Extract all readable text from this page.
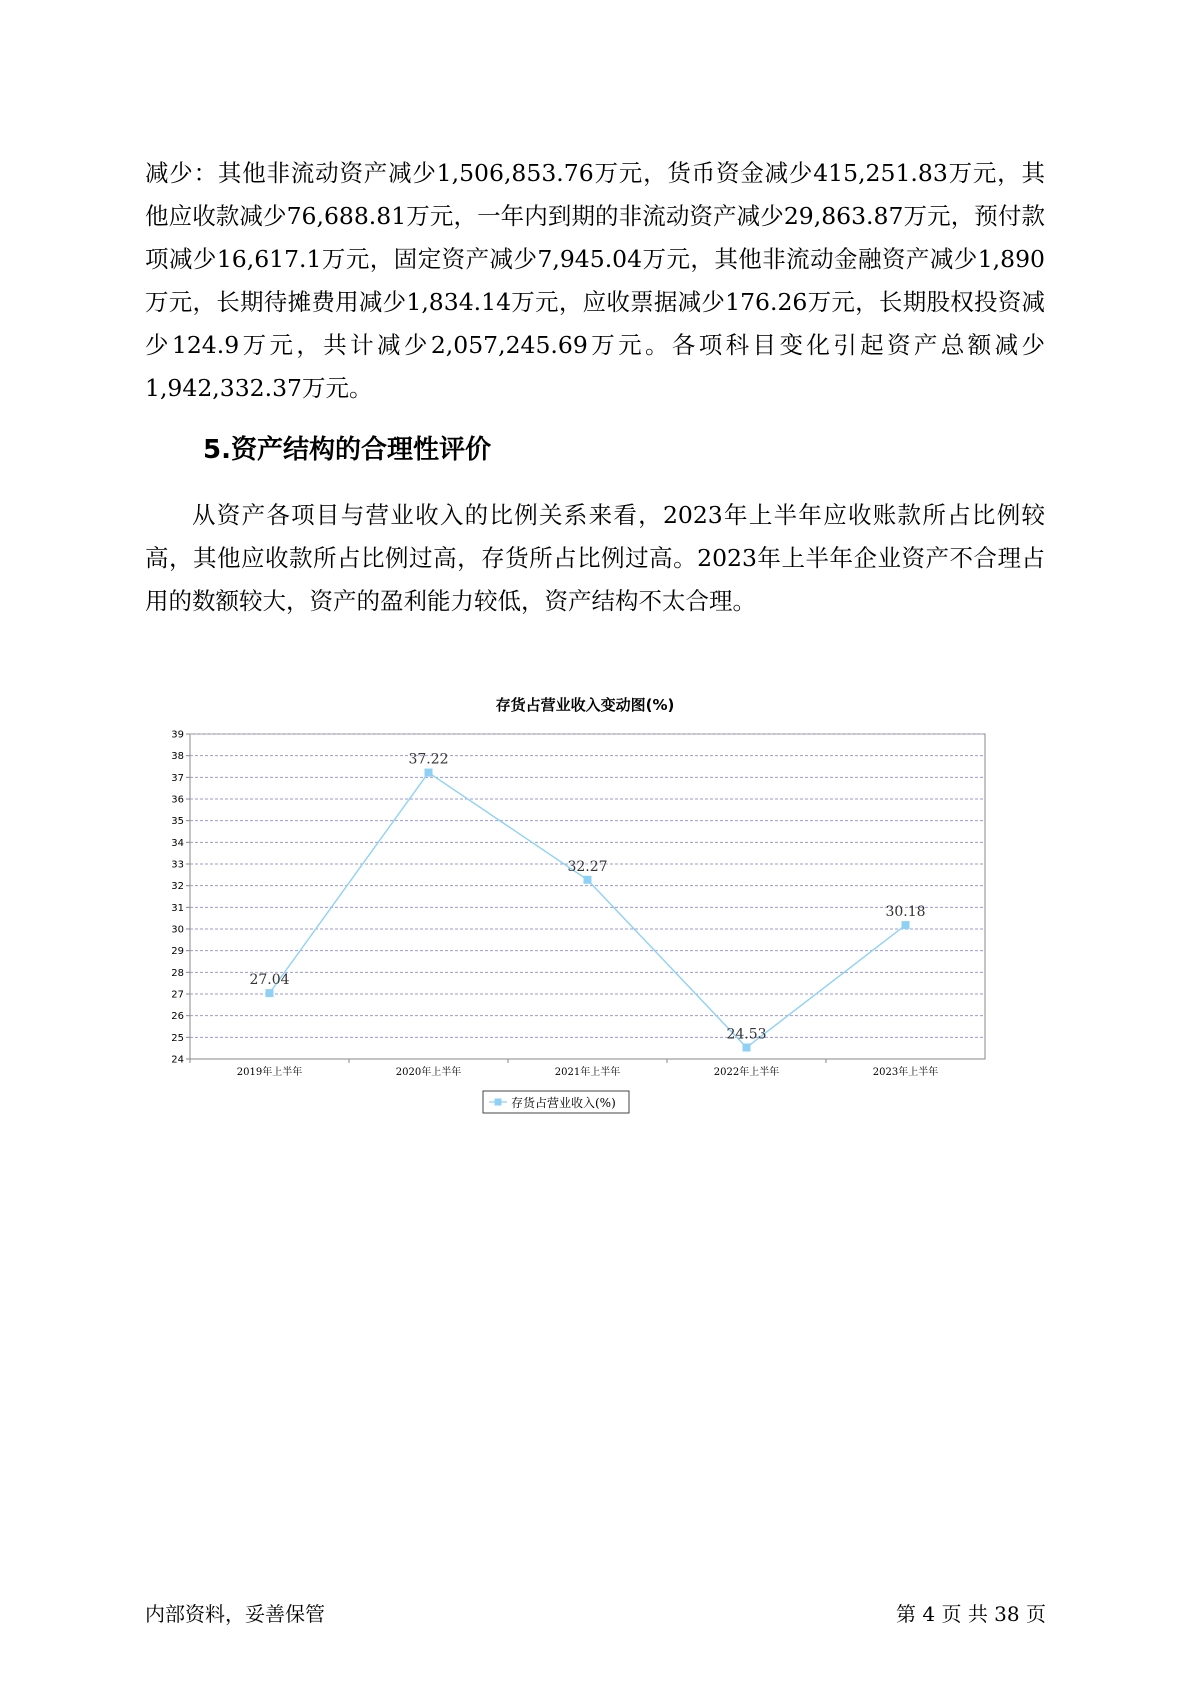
减少：其他非流动资产减少1,506,853.76万元，货币资金减少415,251.83万元，其他应收款减少76,688.81万元，一年内到期的非流动资产减少29,863.87万元，预付款项减少16,617.1万元，固定资产减少7,945.04万元，其他非流动金融资产减少1,890万元，长期待摊费用减少1,834.14万元，应收票据减少176.26万元，长期股权投资减少124.9万元，共计减少2,057,245.69万元。各项科目变化引起资产总额减少1,942,332.37万元。
5.资产结构的合理性评价
从资产各项目与营业收入的比例关系来看，2023年上半年应收账款所占比例较高，其他应收款所占比例过高，存货所占比例过高。2023年上半年企业资产不合理占用的数额较大，资产的盈利能力较低，资产结构不太合理。
存货占营业收入变动图(%)
24
25
26
27
28
29
30
31
32
33
34
35
36
37
38
39
2019年上半年	2020年上半年	2021年上半年	2022年上半年	2023年上半年
27.04
37.22
32.27
24.53
30.18
存货占营业收入(%)
内部资料，妥善保管	第 4 页 共 38 页
